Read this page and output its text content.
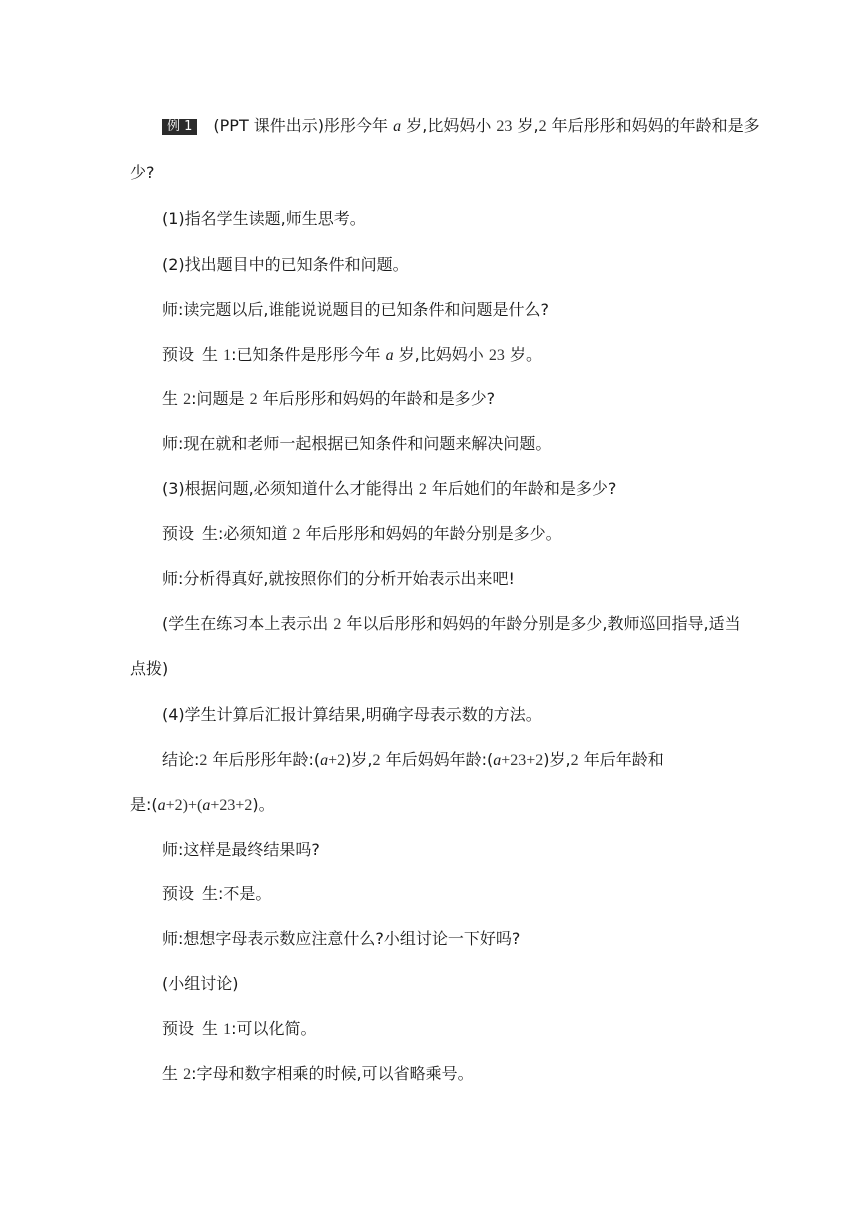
例 1 (PPT 课件出示)彤彤今年 a 岁,比妈妈小 23 岁,2 年后彤彤和妈妈的年龄和是多
少?
(1)指名学生读题,师生思考。
(2)找出题目中的已知条件和问题。
师:读完题以后,谁能说说题目的已知条件和问题是什么?
预设 生 1:已知条件是彤彤今年 a 岁,比妈妈小 23 岁。
生 2:问题是 2 年后彤彤和妈妈的年龄和是多少?
师:现在就和老师一起根据已知条件和问题来解决问题。
(3)根据问题,必须知道什么才能得出 2 年后她们的年龄和是多少?
预设 生:必须知道 2 年后彤彤和妈妈的年龄分别是多少。
师:分析得真好,就按照你们的分析开始表示出来吧!
(学生在练习本上表示出 2 年以后彤彤和妈妈的年龄分别是多少,教师巡回指导,适当
点拨)
(4)学生计算后汇报计算结果,明确字母表示数的方法。
结论:2 年后彤彤年龄:(a+2)岁,2 年后妈妈年龄:(a+23+2)岁,2 年后年龄和
是:(a+2)+(a+23+2)。
师:这样是最终结果吗?
预设 生:不是。
师:想想字母表示数应注意什么?小组讨论一下好吗?
(小组讨论)
预设 生 1:可以化简。
生 2:字母和数字相乘的时候,可以省略乘号。
